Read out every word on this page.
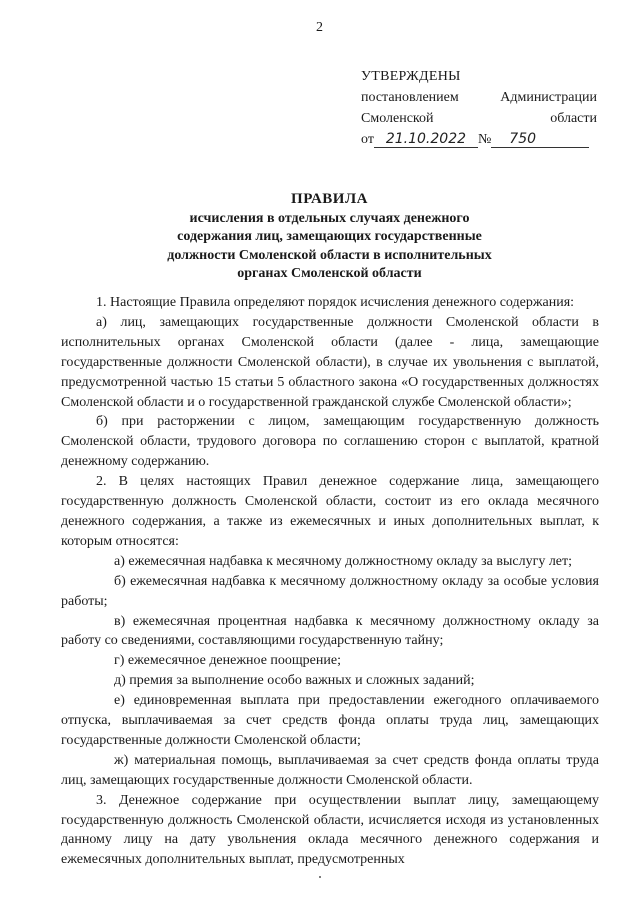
2
УТВЕРЖДЕНЫ
постановлением	Администрации
Смоленской	области
от 21.10.2022 № 750
ПРАВИЛА
исчисления в отдельных случаях денежного
содержания лиц, замещающих государственные
должности Смоленской области в исполнительных
органах Смоленской области

1. Настоящие Правила определяют порядок исчисления денежного содержания:

а) лиц, замещающих государственные должности Смоленской области в исполнительных органах Смоленской области (далее - лица, замещающие государственные должности Смоленской области), в случае их увольнения с выплатой, предусмотренной частью 15 статьи 5 областного закона «О государственных должностях Смоленской области и о государственной гражданской службе Смоленской области»;

б) при расторжении с лицом, замещающим государственную должность Смоленской области, трудового договора по соглашению сторон с выплатой, кратной денежному содержанию.

2. В целях настоящих Правил денежное содержание лица, замещающего государственную должность Смоленской области, состоит из его оклада месячного денежного содержания, а также из ежемесячных и иных дополнительных выплат, к которым относятся:

а) ежемесячная надбавка к месячному должностному окладу за выслугу лет;

б) ежемесячная надбавка к месячному должностному окладу за особые условия работы;

в) ежемесячная процентная надбавка к месячному должностному окладу за работу со сведениями, составляющими государственную тайну;

г) ежемесячное денежное поощрение;

д) премия за выполнение особо важных и сложных заданий;

е) единовременная выплата при предоставлении ежегодного оплачиваемого отпуска, выплачиваемая за счет средств фонда оплаты труда лиц, замещающих государственные должности Смоленской области;

ж) материальная помощь, выплачиваемая за счет средств фонда оплаты труда лиц, замещающих государственные должности Смоленской области.

3. Денежное содержание при осуществлении выплат лицу, замещающему государственную должность Смоленской области, исчисляется исходя из установленных данному лицу на дату увольнения оклада месячного денежного содержания и ежемесячных дополнительных выплат, предусмотренных
